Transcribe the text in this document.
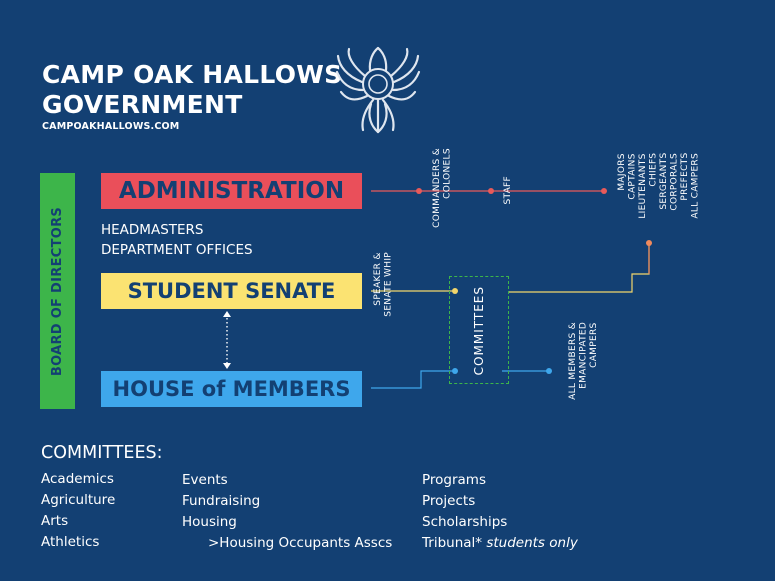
CAMP OAK HALLOWS
GOVERNMENT
CAMPOAKHALLOWS.COM
BOARD OF DIRECTORS
ADMINISTRATION
HEADMASTERS
DEPARTMENT OFFICES
STUDENT SENATE
HOUSE of MEMBERS
COMMITTEES
COMMANDERS &
COLONELS	STAFF	MAJORS
CAPTAINS
LIEUTENANTS
CHIEFS
SERGEANTS
CORPORALS
PREFECTS
ALL CAMPERS
SPEAKER &
SENATE WHIP
ALL MEMBERS &
EMANCIPATED
CAMPERS
COMMITTEES:
Academics
Agriculture
Arts
Athletics
Events
Fundraising
Housing
>Housing Occupants Asscs
Programs
Projects
Scholarships
Tribunal* students only
